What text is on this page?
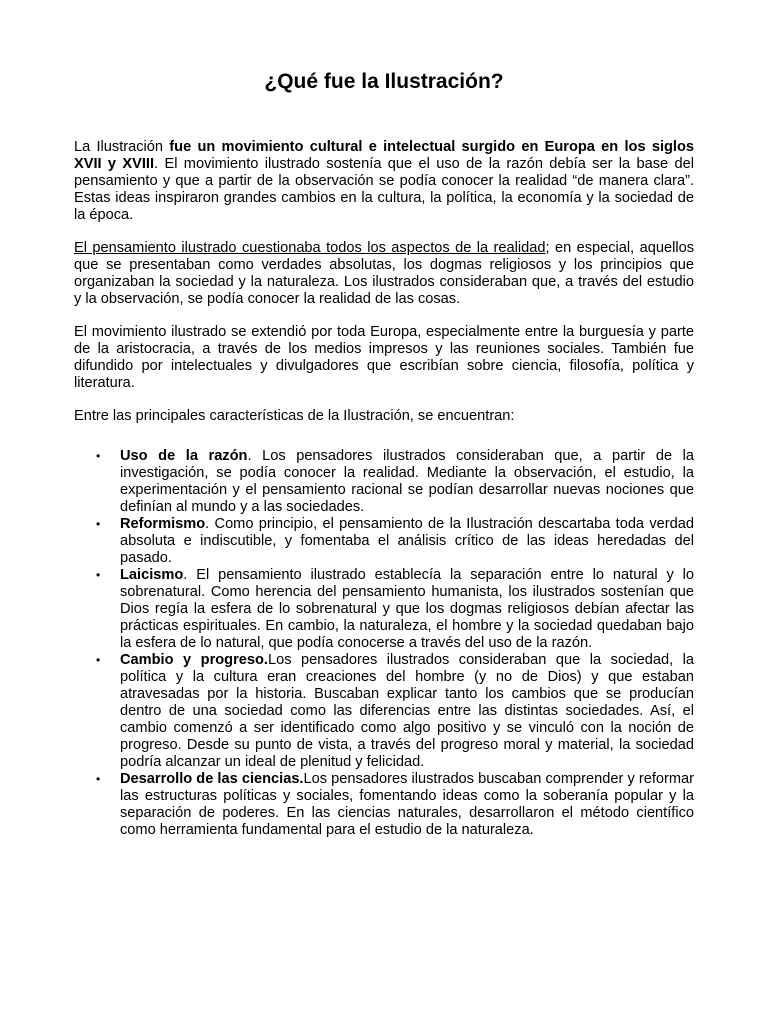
¿Qué fue la Ilustración?

La Ilustración fue un movimiento cultural e intelectual surgido en Europa en los siglos XVII y XVIII. El movimiento ilustrado sostenía que el uso de la razón debía ser la base del pensamiento y que a partir de la observación se podía conocer la realidad “de manera clara”. Estas ideas inspiraron grandes cambios en la cultura, la política, la economía y la sociedad de la época.

El pensamiento ilustrado cuestionaba todos los aspectos de la realidad; en especial, aquellos que se presentaban como verdades absolutas, los dogmas religiosos y los principios que organizaban la sociedad y la naturaleza. Los ilustrados consideraban que, a través del estudio y la observación, se podía conocer la realidad de las cosas.

El movimiento ilustrado se extendió por toda Europa, especialmente entre la burguesía y parte de la aristocracia, a través de los medios impresos y las reuniones sociales. También fue difundido por intelectuales y divulgadores que escribían sobre ciencia, filosofía, política y literatura.

Entre las principales características de la Ilustración, se encuentran:

• Uso de la razón. Los pensadores ilustrados consideraban que, a partir de la investigación, se podía conocer la realidad. Mediante la observación, el estudio, la experimentación y el pensamiento racional se podían desarrollar nuevas nociones que definían al mundo y a las sociedades.
• Reformismo. Como principio, el pensamiento de la Ilustración descartaba toda verdad absoluta e indiscutible, y fomentaba el análisis crítico de las ideas heredadas del pasado.
• Laicismo. El pensamiento ilustrado establecía la separación entre lo natural y lo sobrenatural. Como herencia del pensamiento humanista, los ilustrados sostenían que Dios regía la esfera de lo sobrenatural y que los dogmas religiosos debían afectar las prácticas espirituales. En cambio, la naturaleza, el hombre y la sociedad quedaban bajo la esfera de lo natural, que podía conocerse a través del uso de la razón.
• Cambio y progreso.Los pensadores ilustrados consideraban que la sociedad, la política y la cultura eran creaciones del hombre (y no de Dios) y que estaban atravesadas por la historia. Buscaban explicar tanto los cambios que se producían dentro de una sociedad como las diferencias entre las distintas sociedades. Así, el cambio comenzó a ser identificado como algo positivo y se vinculó con la noción de progreso. Desde su punto de vista, a través del progreso moral y material, la sociedad podría alcanzar un ideal de plenitud y felicidad.
• Desarrollo de las ciencias.Los pensadores ilustrados buscaban comprender y reformar las estructuras políticas y sociales, fomentando ideas como la soberanía popular y la separación de poderes. En las ciencias naturales, desarrollaron el método científico como herramienta fundamental para el estudio de la naturaleza.
